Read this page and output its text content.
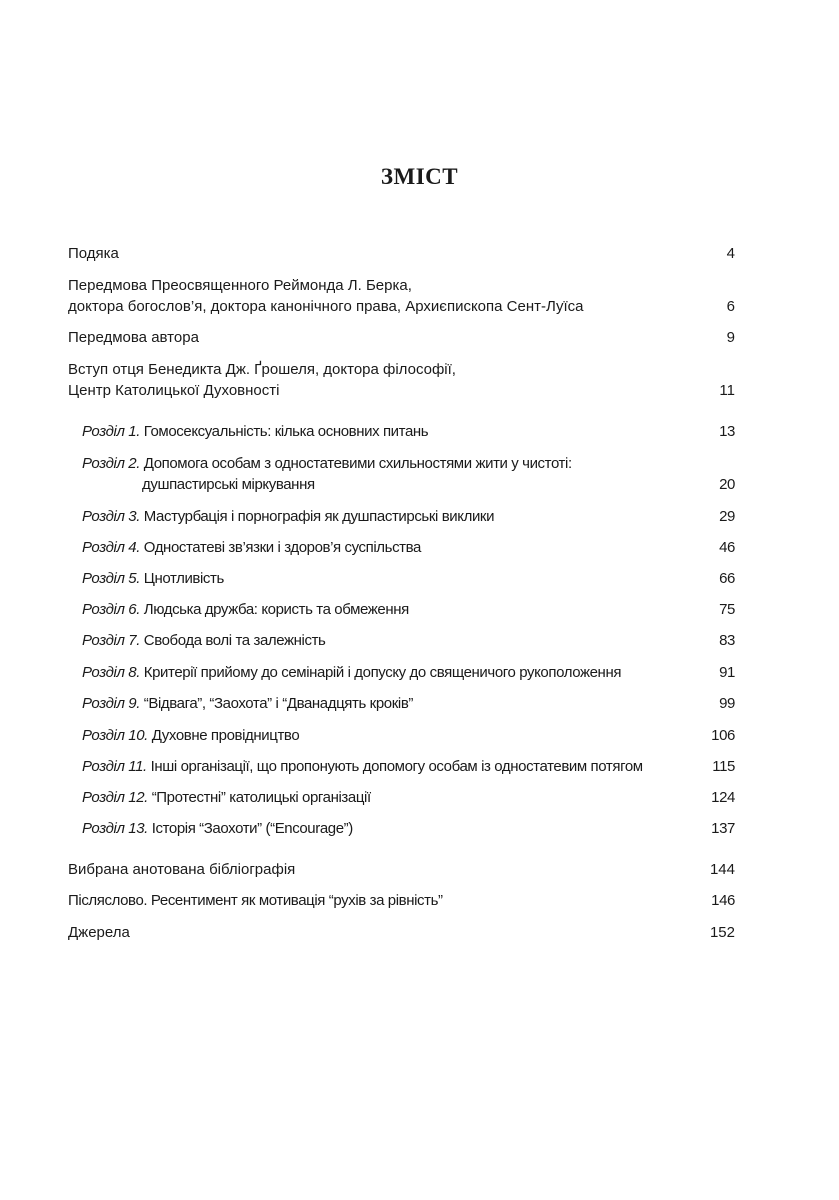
ЗМІСТ
Подяка	4
Передмова Преосвященного Реймонда Л. Берка,
доктора богослов’я, доктора канонічного права, Архиєпископа Сент-Луїса	6
Передмова автора	9
Вступ отця Бенедикта Дж. Ґрошеля, доктора філософії,
Центр Католицької Духовності	11
Розділ 1. Гомосексуальність: кілька основних питань	13
Розділ 2. Допомога особам з одностатевими схильностями жити у чистоті:
душпастирські міркування	20
Розділ 3. Мастурбація і порнографія як душпастирські виклики	29
Розділ 4. Одностатеві зв’язки і здоров’я суспільства	46
Розділ 5. Цнотливість	66
Розділ 6. Людська дружба: користь та обмеження	75
Розділ 7. Свобода волі та залежність	83
Розділ 8. Критерії прийому до семінарій і допуску до священичого рукоположення	91
Розділ 9. “Відвага”, “Заохота” і “Дванадцять кроків”	99
Розділ 10. Духовне провідництво	106
Розділ 11. Інші організації, що пропонують допомогу особам із одностатевим потягом	115
Розділ 12. “Протестні” католицькі організації	124
Розділ 13. Історія “Заохоти” (“Encourage”)	137
Вибрана анотована бібліографія	144
Післяслово. Ресентимент як мотивація “рухів за рівність”	146
Джерела	152
